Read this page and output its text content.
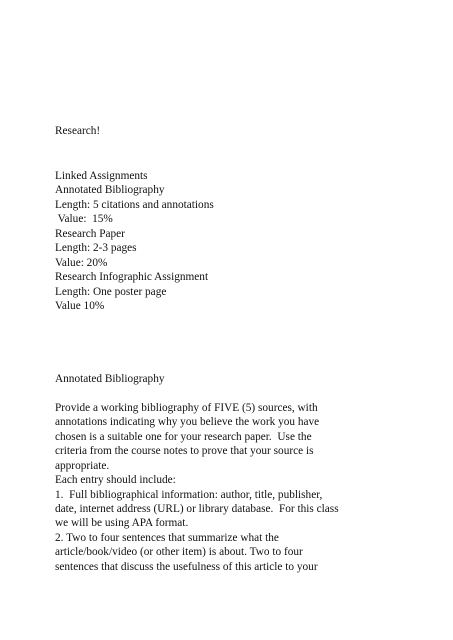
Research!
Linked Assignments
Annotated Bibliography
Length: 5 citations and annotations
Value:  15%
Research Paper
Length: 2-3 pages
Value: 20%
Research Infographic Assignment
Length: One poster page
Value 10%
Annotated Bibliography
Provide a working bibliography of FIVE (5) sources, with
annotations indicating why you believe the work you have
chosen is a suitable one for your research paper.  Use the
criteria from the course notes to prove that your source is
appropriate.
Each entry should include:
1.  Full bibliographical information: author, title, publisher,
date, internet address (URL) or library database.  For this class
we will be using APA format.
2. Two to four sentences that summarize what the
article/book/video (or other item) is about. Two to four
sentences that discuss the usefulness of this article to your
